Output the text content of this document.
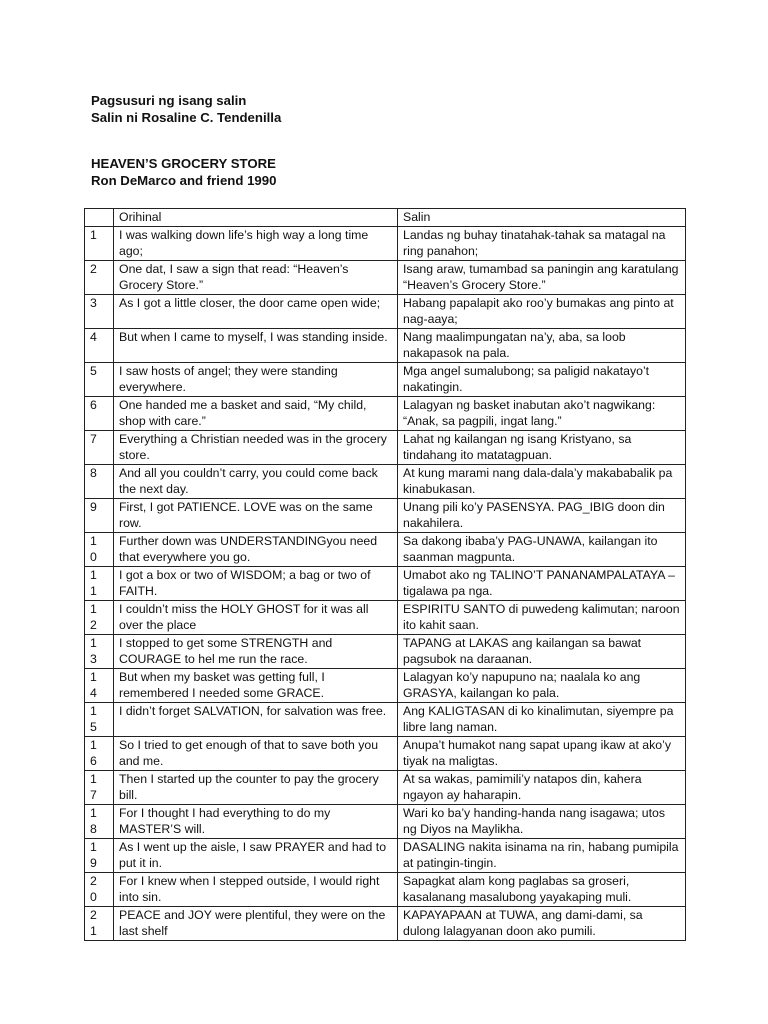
Pagsusuri ng isang salin
Salin ni Rosaline C. Tendenilla
HEAVEN’S GROCERY STORE
Ron DeMarco and friend 1990
	Orihinal	Salin

1	I was walking down life’s high way a long time ago;	Landas ng buhay tinatahak-tahak sa matagal na ring panahon;

2	One dat, I saw a sign that read: “Heaven’s Grocery Store.”	Isang araw, tumambad sa paningin ang karatulang “Heaven’s Grocery Store.”

3	As I got a little closer, the door came open wide;	Habang papalapit ako roo’y bumakas ang pinto at nag-aaya;

4	But when I came to myself, I was standing inside.	Nang maalimpungatan na’y, aba, sa loob nakapasok na pala.

5	I saw hosts of angel; they were standing everywhere.	Mga angel sumalubong; sa paligid nakatayo’t nakatingin.

6	One handed me a basket and said, “My child, shop with care.”	Lalagyan ng basket inabutan ako’t nagwikang: “Anak, sa pagpili, ingat lang.”

7	Everything a Christian needed was in the grocery store.	Lahat ng kailangan ng isang Kristyano, sa tindahang ito matatagpuan.

8	And all you couldn’t carry, you could come back the next day.	At kung marami nang dala-dala’y makababalik pa kinabukasan.

9	First, I got PATIENCE. LOVE was on the same row.	Unang pili ko’y PASENSYA. PAG_IBIG doon din nakahilera.

10	Further down was UNDERSTANDINGyou need that everywhere you go.	Sa dakong ibaba’y PAG-UNAWA, kailangan ito saanman magpunta.

11	I got a box or two of WISDOM; a bag or two of FAITH.	Umabot ako ng TALINO’T PANANAMPALATAYA – tigalawa pa nga.

12	I couldn’t miss the HOLY GHOST for it was all over the place	ESPIRITU SANTO di puwedeng kalimutan; naroon ito kahit saan.

13	I stopped to get some STRENGTH and COURAGE to hel me run the race.	TAPANG at LAKAS ang kailangan sa bawat pagsubok na daraanan.

14	But when my basket was getting full, I remembered I needed some GRACE.	Lalagyan ko’y napupuno na; naalala ko ang GRASYA, kailangan ko pala.

15	I didn’t forget SALVATION, for salvation was free.	Ang KALIGTASAN di ko kinalimutan, siyempre pa libre lang naman.

16	So I tried to get enough of that to save both you and me.	Anupa’t humakot nang sapat upang ikaw at ako’y tiyak na maligtas.

17	Then I started up the counter to pay the grocery bill.	At sa wakas, pamimili’y natapos din, kahera ngayon ay haharapin.

18	For I thought I had everything to do my MASTER’S will.	Wari ko ba’y handing-handa nang isagawa; utos ng Diyos na Maylikha.

19	As I went up the aisle, I saw PRAYER and had to put it in.	DASALING nakita isinama na rin, habang pumipila at patingin-tingin.

20	For I knew when I stepped outside, I would right into sin.	Sapagkat alam kong paglabas sa groseri, kasalanang masalubong yayakaping muli.

21	PEACE and JOY were plentiful, they were on the last shelf	KAPAYAPAAN at TUWA, ang dami-dami, sa dulong lalagyanan doon ako pumili.
